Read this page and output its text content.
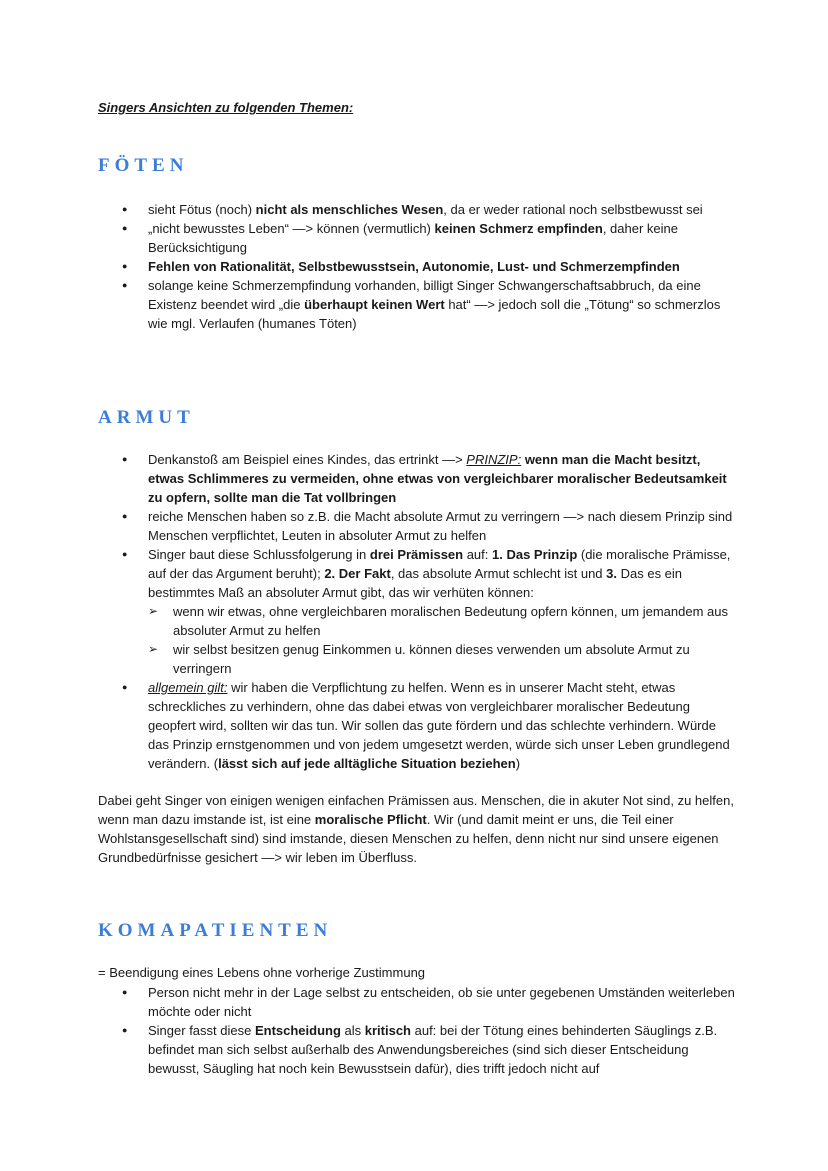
Singers Ansichten zu folgenden Themen:

FÖTEN
● sieht Fötus (noch) nicht als menschliches Wesen, da er weder rational noch selbstbewusst sei
● „nicht bewusstes Leben“ —> können (vermutlich) keinen Schmerz empfinden, daher keine Berücksichtigung
● Fehlen von Rationalität, Selbstbewusstsein, Autonomie, Lust- und Schmerzempfinden
● solange keine Schmerzempfindung vorhanden, billigt Singer Schwangerschaftsabbruch, da eine Existenz beendet wird „die überhaupt keinen Wert hat“ —> jedoch soll die „Tötung“ so schmerzlos wie mgl. Verlaufen (humanes Töten)
ARMUT
● Denkanstoß am Beispiel eines Kindes, das ertrinkt —> PRINZIP: wenn man die Macht besitzt, etwas Schlimmeres zu vermeiden, ohne etwas von vergleichbarer moralischer Bedeutsamkeit zu opfern, sollte man die Tat vollbringen
● reiche Menschen haben so z.B. die Macht absolute Armut zu verringern —> nach diesem Prinzip sind Menschen verpflichtet, Leuten in absoluter Armut zu helfen
● Singer baut diese Schlussfolgerung in drei Prämissen auf: 1. Das Prinzip (die moralische Prämisse, auf der das Argument beruht); 2. Der Fakt, das absolute Armut schlecht ist und 3. Das es ein bestimmtes Maß an absoluter Armut gibt, das wir verhüten können:
➢ wenn wir etwas, ohne vergleichbaren moralischen Bedeutung opfern können, um jemandem aus absoluter Armut zu helfen
➢ wir selbst besitzen genug Einkommen u. können dieses verwenden um absolute Armut zu verringern
● allgemein gilt: wir haben die Verpflichtung zu helfen. Wenn es in unserer Macht steht, etwas schreckliches zu verhindern, ohne das dabei etwas von vergleichbarer moralischer Bedeutung geopfert wird, sollten wir das tun. Wir sollen das gute fördern und das schlechte verhindern. Würde das Prinzip ernstgenommen und von jedem umgesetzt werden, würde sich unser Leben grundlegend verändern. (lässt sich auf jede alltägliche Situation beziehen)

Dabei geht Singer von einigen wenigen einfachen Prämissen aus. Menschen, die in akuter Not sind, zu helfen, wenn man dazu imstande ist, ist eine moralische Pflicht. Wir (und damit meint er uns, die Teil einer Wohlstansgesellschaft sind) sind imstande, diesen Menschen zu helfen, denn nicht nur sind unsere eigenen Grundbedürfnisse gesichert —> wir leben im Überfluss.

KOMAPATIENTEN

= Beendigung eines Lebens ohne vorherige Zustimmung

● Person nicht mehr in der Lage selbst zu entscheiden, ob sie unter gegebenen Umständen weiterleben möchte oder nicht
● Singer fasst diese Entscheidung als kritisch auf: bei der Tötung eines behinderten Säuglings z.B. befindet man sich selbst außerhalb des Anwendungsbereiches (sind sich dieser Entscheidung bewusst, Säugling hat noch kein Bewusstsein dafür), dies trifft jedoch nicht auf
